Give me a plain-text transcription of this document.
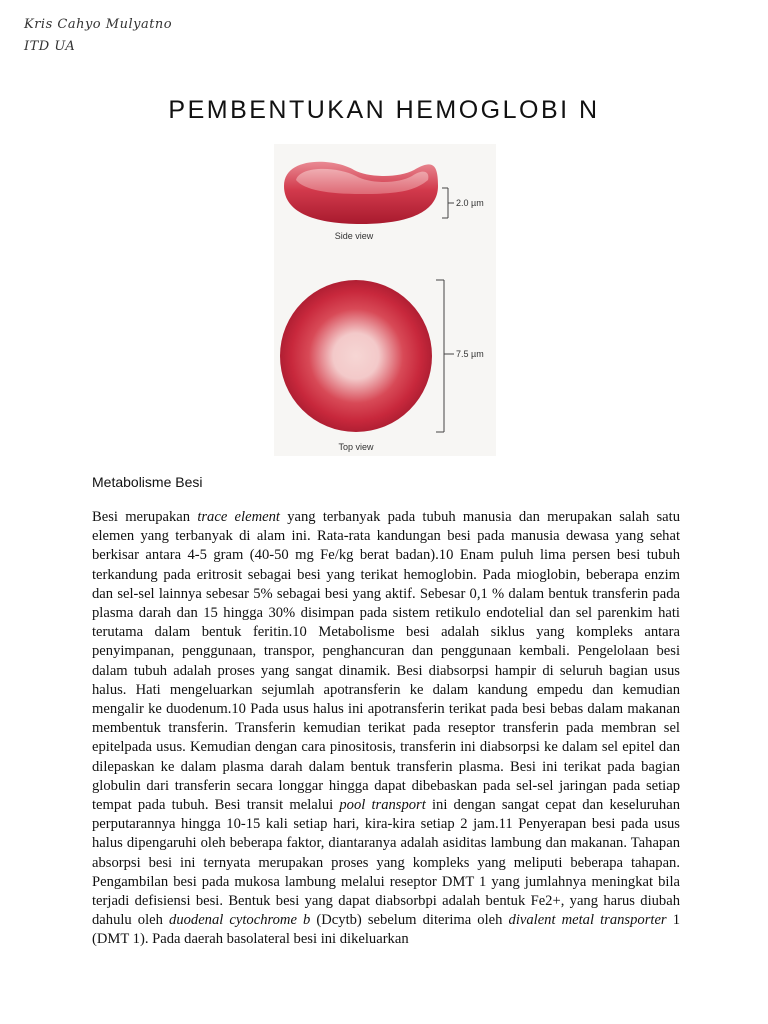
Kris Cahyo Mulyatno
ITD UA
PEMBENTUKAN HEMOGLOBI N
2.0 µm
Side view
7.5 µm
Top view
Metabolisme Besi

Besi merupakan trace element yang terbanyak pada tubuh manusia dan merupakan salah satu elemen yang terbanyak di alam ini. Rata-rata kandungan besi pada manusia dewasa yang sehat berkisar antara 4-5 gram (40-50 mg Fe/kg berat badan).10 Enam puluh lima persen besi tubuh terkandung pada eritrosit sebagai besi yang terikat hemoglobin. Pada mioglobin, beberapa enzim dan sel-sel lainnya sebesar 5% sebagai besi yang aktif. Sebesar 0,1 % dalam bentuk transferin pada plasma darah dan 15 hingga 30% disimpan pada sistem retikulo endotelial dan sel parenkim hati terutama dalam bentuk feritin.10 Metabolisme besi adalah siklus yang kompleks antara penyimpanan, penggunaan, transpor, penghancuran dan penggunaan kembali. Pengelolaan besi dalam tubuh adalah proses yang sangat dinamik. Besi diabsorpsi hampir di seluruh bagian usus halus. Hati mengeluarkan sejumlah apotransferin ke dalam kandung empedu dan kemudian mengalir ke duodenum.10 Pada usus halus ini apotransferin terikat pada besi bebas dalam makanan membentuk transferin. Transferin kemudian terikat pada reseptor transferin pada membran sel epitelpada usus. Kemudian dengan cara pinositosis, transferin ini diabsorpsi ke dalam sel epitel dan dilepaskan ke dalam plasma darah dalam bentuk transferin plasma. Besi ini terikat pada bagian globulin dari transferin secara longgar hingga dapat dibebaskan pada sel-sel jaringan pada setiap tempat pada tubuh. Besi transit melalui pool transport ini dengan sangat cepat dan keseluruhan perputarannya hingga 10-15 kali setiap hari, kira-kira setiap 2 jam.11 Penyerapan besi pada usus halus dipengaruhi oleh beberapa faktor, diantaranya adalah asiditas lambung dan makanan. Tahapan absorpsi besi ini ternyata merupakan proses yang kompleks yang meliputi beberapa tahapan. Pengambilan besi pada mukosa lambung melalui reseptor DMT 1 yang jumlahnya meningkat bila terjadi defisiensi besi. Bentuk besi yang dapat diabsorbpi adalah bentuk Fe2+, yang harus diubah dahulu oleh duodenal cytochrome b (Dcytb) sebelum diterima oleh divalent metal transporter 1 (DMT 1). Pada daerah basolateral besi ini dikeluarkan
